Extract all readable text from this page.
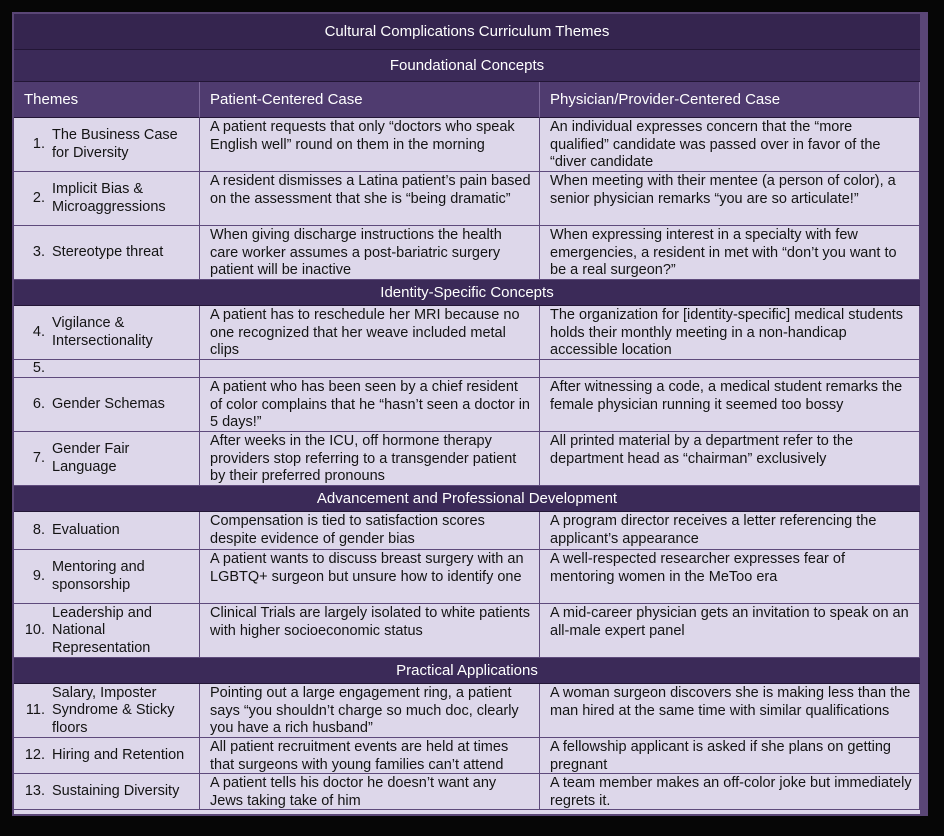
Cultural Complications Curriculum Themes
Foundational Concepts
Themes	Patient-Centered Case	Physician/Provider-Centered Case
1.
The Business Case for Diversity
A patient requests that only “doctors who speak English well” round on them in the morning
An individual expresses concern that the “more qualified” candidate was passed over in favor of the “diver candidate
2.
Implicit Bias & Microaggressions
A resident dismisses a Latina patient’s pain based on the assessment that she is “being dramatic”
When meeting with their mentee (a person of color), a senior physician remarks “you are so articulate!”
3. Stereotype threat
When giving discharge instructions the health care worker assumes a post-bariatric surgery patient will be inactive
When expressing interest in a specialty with few emergencies, a resident in met with “don’t you want to be a real surgeon?”
Identity-Specific Concepts
4.
Vigilance & Intersectionality
A patient has to reschedule her MRI because no one recognized that her weave included metal clips
The organization for [identity-specific] medical students holds their monthly meeting in a non-handicap accessible location
5.
6. Gender Schemas
A patient who has been seen by a chief resident of color complains that he “hasn’t seen a doctor in 5 days!”
After witnessing a code, a medical student remarks the female physician running it seemed too bossy
7.
Gender Fair Language
After weeks in the ICU, off hormone therapy providers stop referring to a transgender patient by their preferred pronouns
All printed material by a department refer to the department head as “chairman” exclusively
Advancement and Professional Development
8. Evaluation
Compensation is tied to satisfaction scores despite evidence of gender bias
A program director receives a letter referencing the applicant’s appearance
9.
Mentoring and sponsorship
A patient wants to discuss breast surgery with an LGBTQ+ surgeon but unsure how to identify one
A well-respected researcher expresses fear of mentoring women in the MeToo era
10.
Leadership and National Representation
Clinical Trials are largely isolated to white patients with higher socioeconomic status
A mid-career physician gets an invitation to speak on an all-male expert panel
Practical Applications
11.
Salary, Imposter Syndrome & Sticky floors
Pointing out a large engagement ring, a patient says “you shouldn’t charge so much doc, clearly you have a rich husband”
A woman surgeon discovers she is making less than the man hired at the same time with similar qualifications
12. Hiring and Retention
All patient recruitment events are held at times that surgeons with young families can’t attend
A fellowship applicant is asked if she plans on getting pregnant
13. Sustaining Diversity
A patient tells his doctor he doesn’t want any Jews taking take of him
A team member makes an off-color joke but immediately regrets it.
